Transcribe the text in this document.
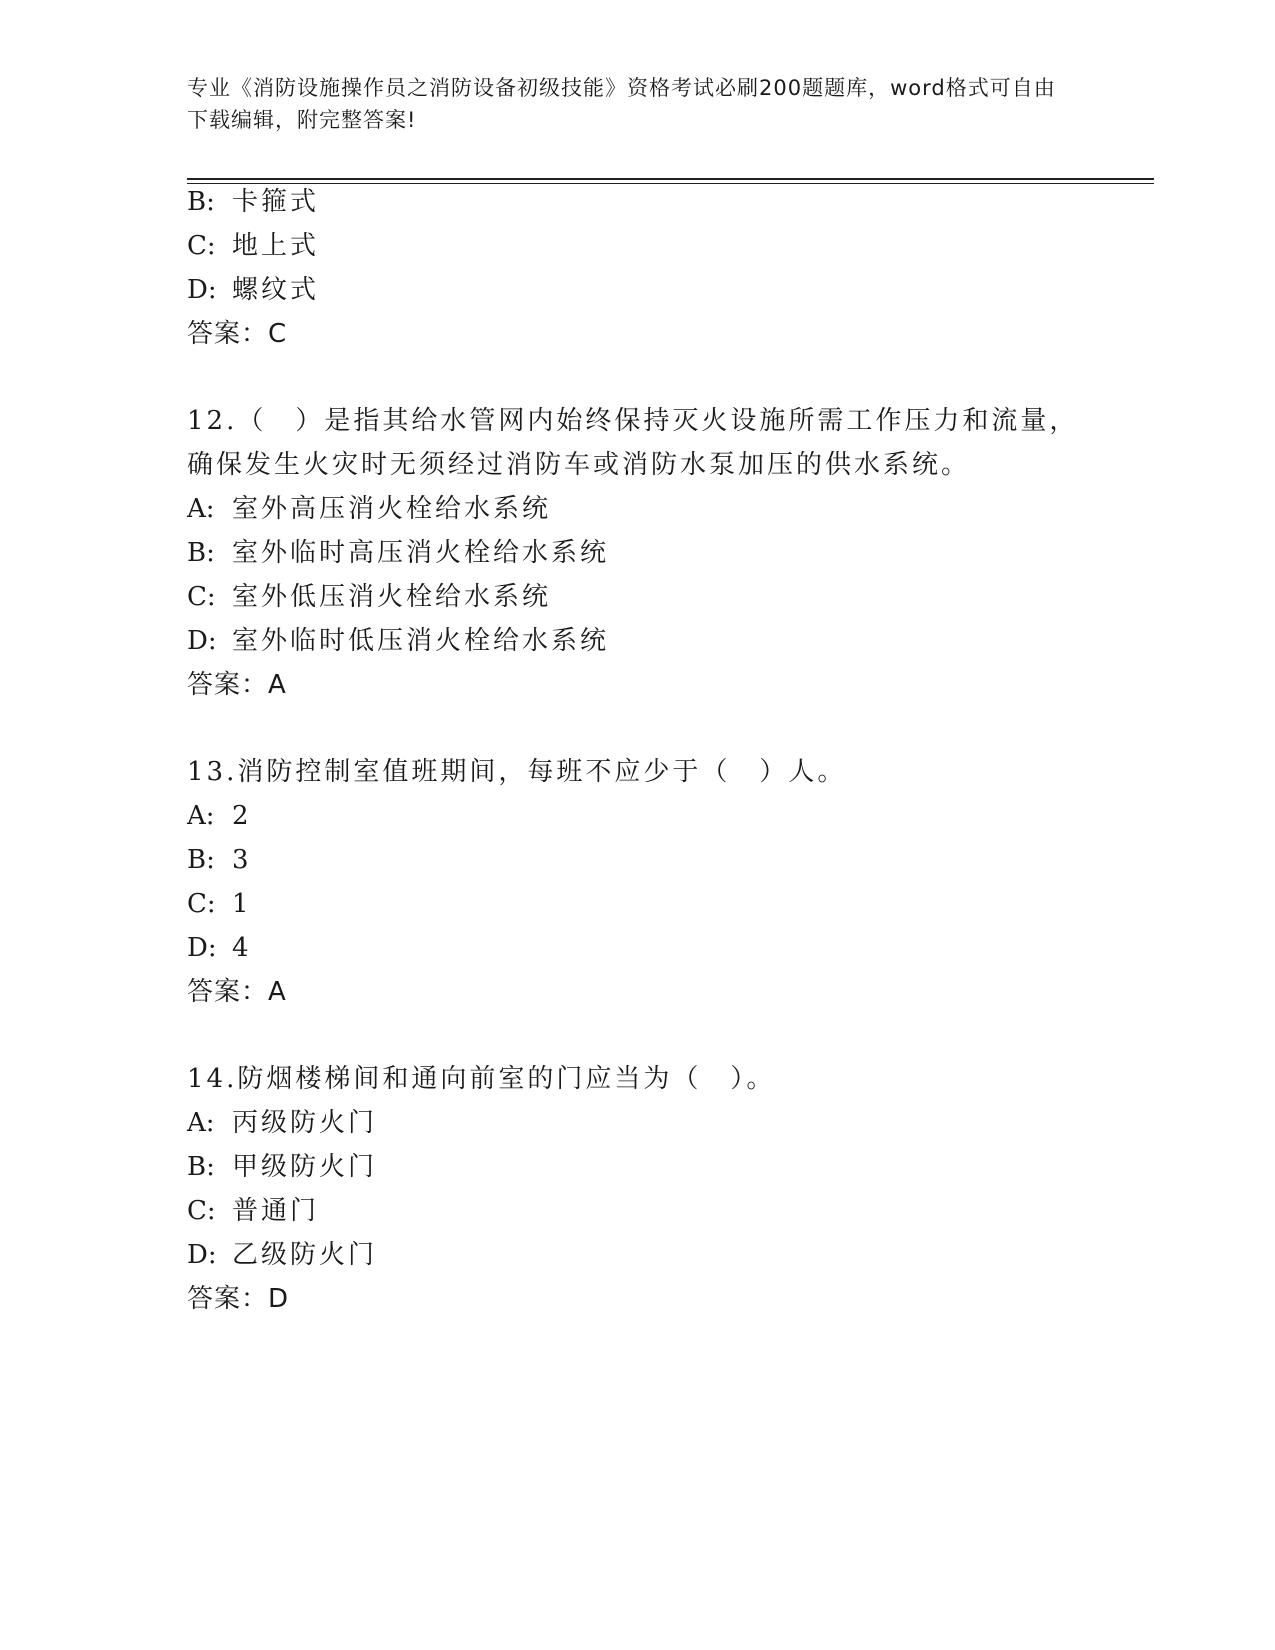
专业《消防设施操作员之消防设备初级技能》资格考试必刷200题题库，word格式可自由下载编辑，附完整答案!
B: 卡箍式
C: 地上式
D: 螺纹式
答案：C
12.（　）是指其给水管网内始终保持灭火设施所需工作压力和流量，
确保发生火灾时无须经过消防车或消防水泵加压的供水系统。
A: 室外高压消火栓给水系统
B: 室外临时高压消火栓给水系统
C: 室外低压消火栓给水系统
D: 室外临时低压消火栓给水系统
答案：A
13.消防控制室值班期间，每班不应少于（　）人。
A: 2
B: 3
C: 1
D: 4
答案：A
14.防烟楼梯间和通向前室的门应当为（　）。
A: 丙级防火门
B: 甲级防火门
C: 普通门
D: 乙级防火门
答案：D
